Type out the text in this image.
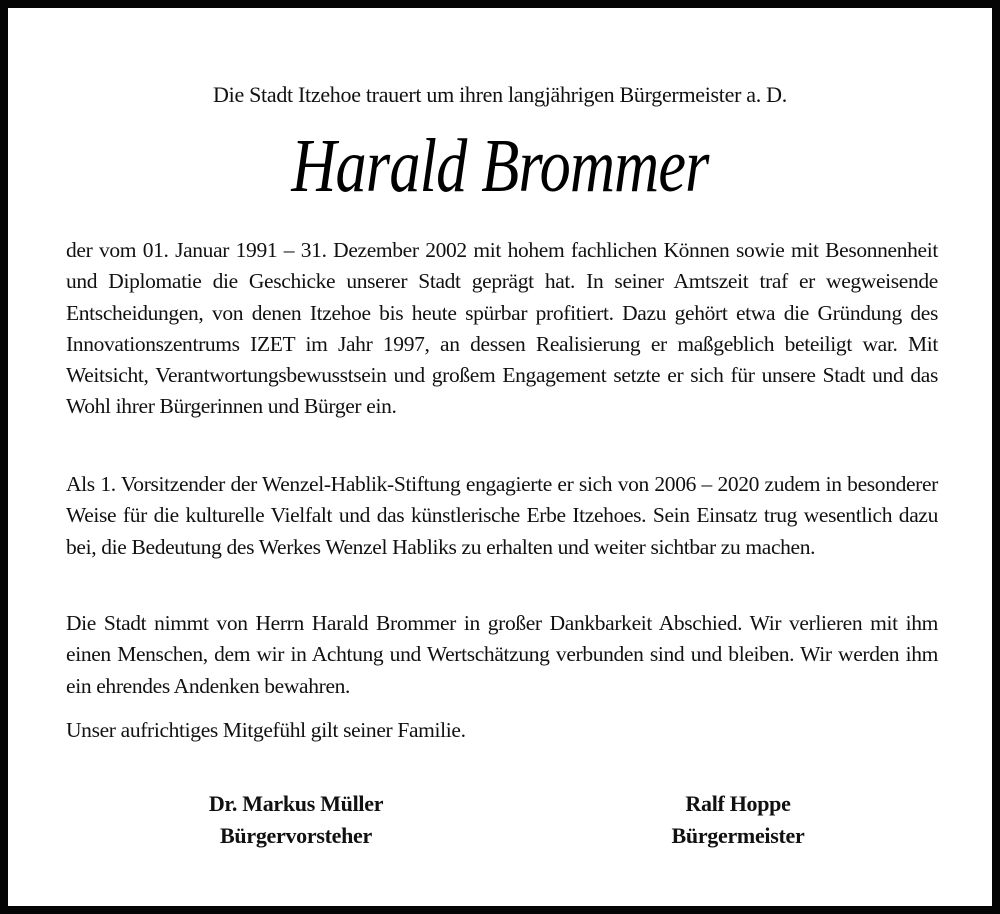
Die Stadt Itzehoe trauert um ihren langjährigen Bürgermeister a. D.
Harald Brommer

der vom 01. Januar 1991 – 31. Dezember 2002 mit hohem fachlichen Können sowie mit Besonnenheit und Diplomatie die Geschicke unserer Stadt geprägt hat. In seiner Amtszeit traf er wegweisende Entscheidungen, von denen Itzehoe bis heute spürbar profitiert. Dazu gehört etwa die Gründung des Innovationszentrums IZET im Jahr 1997, an dessen Realisierung er maßgeblich beteiligt war. Mit Weitsicht, Verantwortungsbewusstsein und großem Engagement setzte er sich für unsere Stadt und das Wohl ihrer Bürgerinnen und Bürger ein.

Als 1. Vorsitzender der Wenzel-Hablik-Stiftung engagierte er sich von 2006 – 2020 zudem in besonderer Weise für die kulturelle Vielfalt und das künstlerische Erbe Itzehoes. Sein Einsatz trug wesentlich dazu bei, die Bedeutung des Werkes Wenzel Habliks zu erhalten und weiter sichtbar zu machen.

Die Stadt nimmt von Herrn Harald Brommer in großer Dankbarkeit Abschied. Wir verlieren mit ihm einen Menschen, dem wir in Achtung und Wertschätzung verbunden sind und bleiben. Wir werden ihm ein ehrendes Andenken bewahren.

Unser aufrichtiges Mitgefühl gilt seiner Familie.

Dr. Markus Müller
Bürgervorsteher
Ralf Hoppe
Bürgermeister
